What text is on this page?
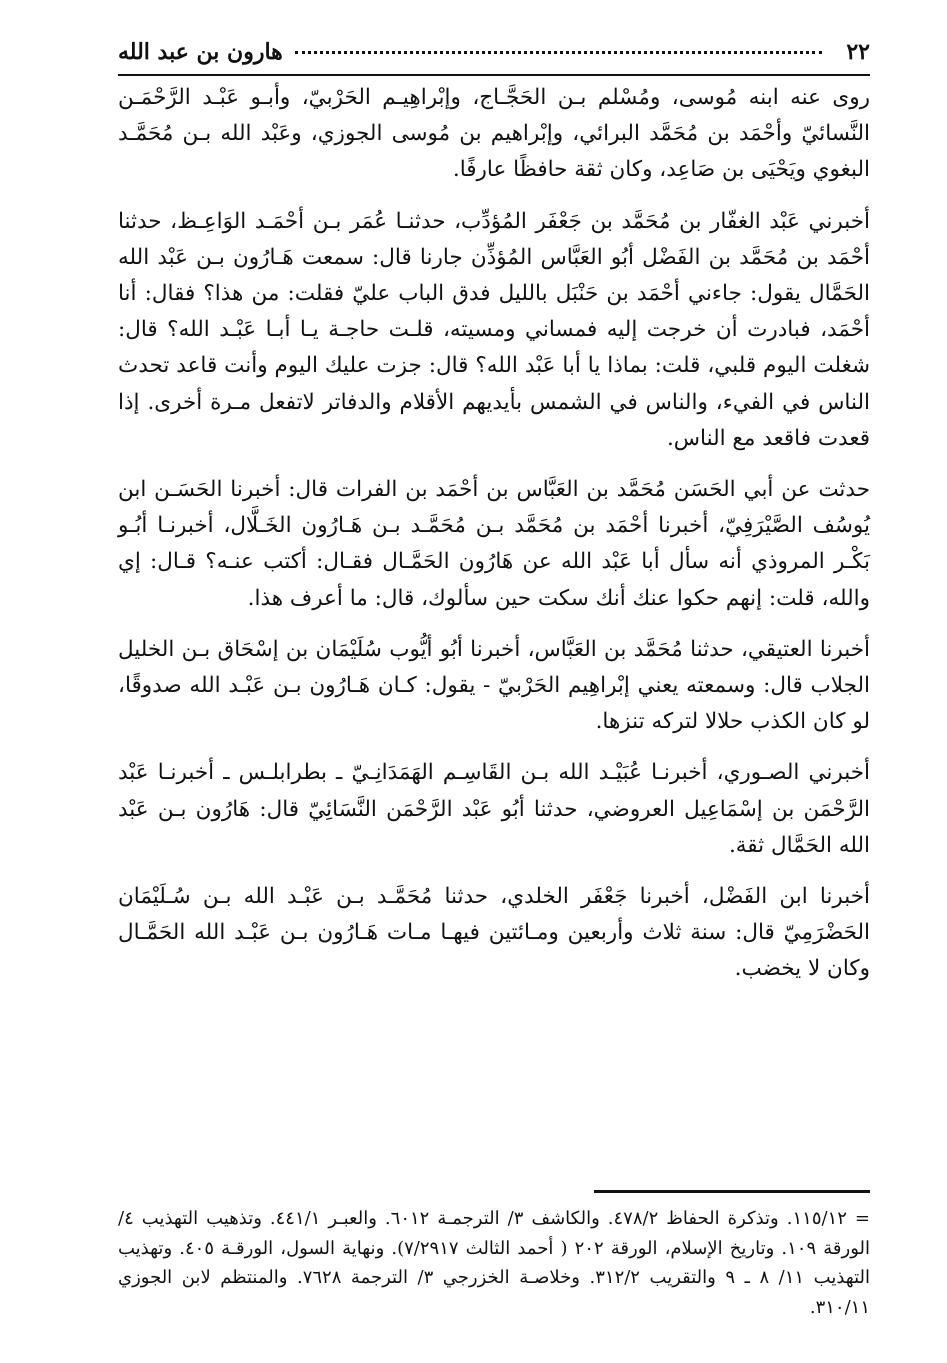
٢٢
هارون بن عبد الله

روى عنه ابنه مُوسى، ومُسْلم بـن الحَجَّـاج، وإبْراهِيـم الحَرْبيّ، وأبـو عَبْـد الرَّحْمَـن النَّسائيّ وأحْمَد بن مُحَمَّد البرائي، وإبْراهيم بن مُوسى الجوزي، وعَبْد الله بـن مُحَمَّـد البغوي ويَحْيَى بن صَاعِد، وكان ثقة حافظًا عارفًا.

أخبرني عَبْد الغفّار بن مُحَمَّد بن جَعْفَر المُؤدِّب، حدثنـا عُمَر بـن أحْمَـد الوَاعِـظ، حدثنا أحْمَد بن مُحَمَّد بن الفَضْل أبُو العَبَّاس المُؤذِّن جارنا قال: سمعت هَـارُون بـن عَبْد الله الحَمَّال يقول: جاءني أحْمَد بن حَنْبَل بالليل فدق الباب عليّ فقلت: من هذا؟ فقال: أنا أحْمَد، فبادرت أن خرجت إليه فمساني ومسيته، قلـت حاجـة يـا أبـا عَبْـد الله؟ قال: شغلت اليوم قلبي، قلت: بماذا يا أبا عَبْد الله؟ قال: جزت عليك اليوم وأنت قاعد تحدث الناس في الفيء، والناس في الشمس بأيديهم الأقلام والدفاتر لاتفعل مـرة أخرى. إذا قعدت فاقعد مع الناس.

حدثت عن أبي الحَسَن مُحَمَّد بن العَبَّاس بن أحْمَد بن الفرات قال: أخبرنا الحَسَـن ابن يُوسُف الصَّيْرَفِيّ، أخبرنا أحْمَد بن مُحَمَّد بـن مُحَمَّـد بـن هَـارُون الخَـلَّال، أخبرنـا أبُـو بَكْـر المروذي أنه سأل أبا عَبْد الله عن هَارُون الحَمَّـال فقـال: أكتب عنـه؟ قـال: إي والله، قلت: إنهم حكوا عنك أنك سكت حين سألوك، قال: ما أعرف هذا.

أخبرنا العتيقي، حدثنا مُحَمَّد بن العَبَّاس، أخبرنا أبُو أيُّوب سُلَيْمَان بن إسْحَاق بـن الخليل الجلاب قال: وسمعته يعني إبْراهِيم الحَرْبيّ - يقول: كـان هَـارُون بـن عَبْـد الله صدوقًا، لو كان الكذب حلالا لتركه تنزها.

أخبرني الصـوري، أخبرنـا عُبَيْـد الله بـن القَاسِـم الهَمَدَانِـيّ ـ بطرابلـس ـ أخبرنـا عَبْد الرَّحْمَن بن إسْمَاعِيل العروضي، حدثنا أبُو عَبْد الرَّحْمَن النَّسَائِيّ قال: هَارُون بـن عَبْد الله الحَمَّال ثقة.

أخبرنا ابن الفَضْل، أخبرنا جَعْفَر الخلدي، حدثنا مُحَمَّـد بـن عَبْـد الله بـن سُـلَيْمَان الحَضْرَمِيّ قال: سنة ثلاث وأربعين ومـائتين فيهـا مـات هَـارُون بـن عَبْـد الله الحَمَّـال وكان لا يخضب.

= ١١٥/١٢. وتذكرة الحفاظ ٤٧٨/٢. والكاشف ٣/ الترجمـة ٦٠١٢. والعبـر ٤٤١/١. وتذهيب التهذيب ٤/ الورقة ١٠٩. وتاريخ الإسلام، الورقة ٢٠٢ ( أحمد الثالث ٧/٢٩١٧). ونهاية السول، الورقـة ٤٠٥. وتهذيب التهذيب ١١/ ٨ ـ ٩ والتقريب ٣١٢/٢. وخلاصـة الخزرجي ٣/ الترجمة ٧٦٢٨. والمنتظم لابن الجوزي ٣١٠/١١.
